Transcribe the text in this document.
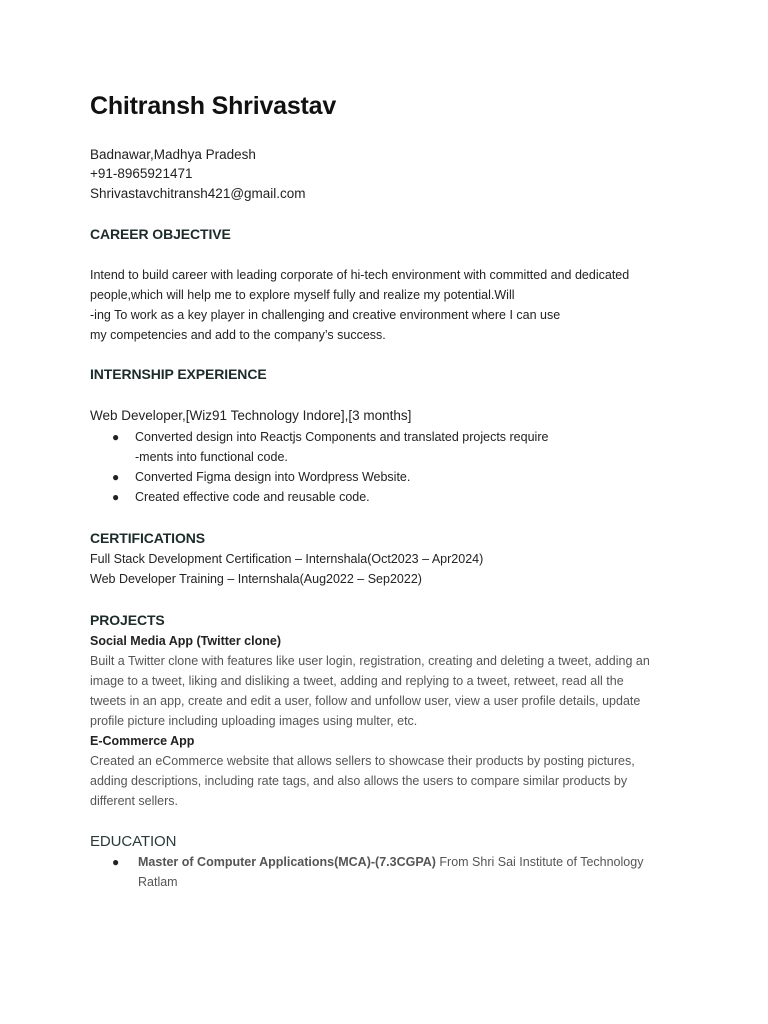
Chitransh Shrivastav
Badnawar,Madhya Pradesh
+91-8965921471
Shrivastavchitransh421@gmail.com
CAREER OBJECTIVE
Intend to build career with leading corporate of hi-tech environment with committed and dedicated
people,which will help me to explore myself fully and realize my potential.Will
-ing To work as a key player in challenging and creative environment where I can use
my competencies and add to the company’s success.
INTERNSHIP EXPERIENCE
Web Developer,[Wiz91 Technology Indore],[3 months]
● Converted design into Reactjs Components and translated projects require
-ments into functional code.
● Converted Figma design into Wordpress Website.
● Created effective code and reusable code.
CERTIFICATIONS
Full Stack Development Certification – Internshala(Oct2023 – Apr2024)
Web Developer Training – Internshala(Aug2022 – Sep2022)
PROJECTS
Social Media App (Twitter clone)
Built a Twitter clone with features like user login, registration, creating and deleting a tweet, adding an
image to a tweet, liking and disliking a tweet, adding and replying to a tweet, retweet, read all the
tweets in an app, create and edit a user, follow and unfollow user, view a user profile details, update
profile picture including uploading images using multer, etc.
E-Commerce App
Created an eCommerce website that allows sellers to showcase their products by posting pictures,
adding descriptions, including rate tags, and also allows the users to compare similar products by
different sellers.
EDUCATION
● Master of Computer Applications(MCA)-(7.3CGPA) From Shri Sai Institute of Technology
Ratlam
